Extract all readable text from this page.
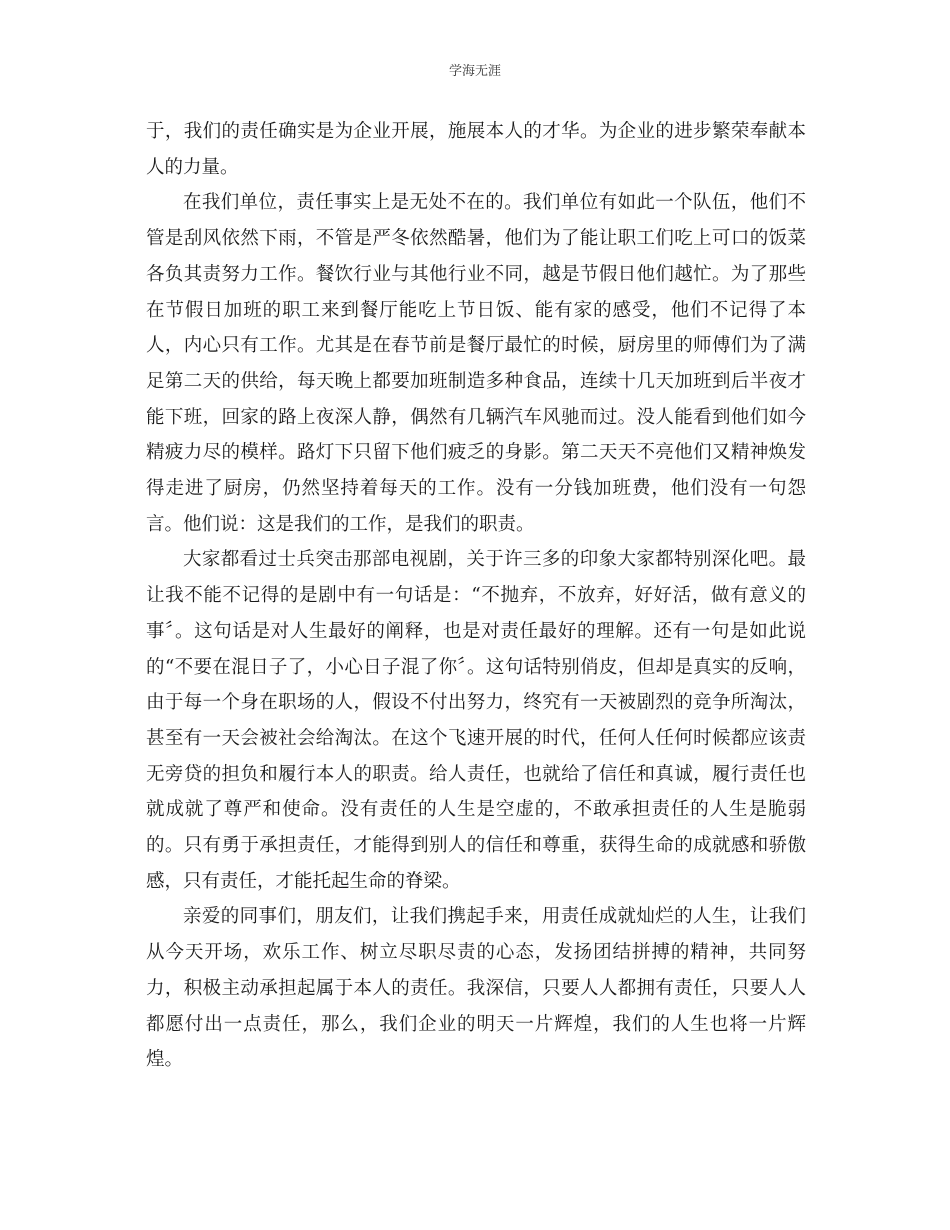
学海无涯

于，我们的责任确实是为企业开展，施展本人的才华。为企业的进步繁荣奉献本人的力量。

在我们单位，责任事实上是无处不在的。我们单位有如此一个队伍，他们不管是刮风依然下雨，不管是严冬依然酷暑，他们为了能让职工们吃上可口的饭菜各负其责努力工作。餐饮行业与其他行业不同，越是节假日他们越忙。为了那些在节假日加班的职工来到餐厅能吃上节日饭、能有家的感受，他们不记得了本人，内心只有工作。尤其是在春节前是餐厅最忙的时候，厨房里的师傅们为了满足第二天的供给，每天晚上都要加班制造多种食品，连续十几天加班到后半夜才能下班，回家的路上夜深人静，偶然有几辆汽车风驰而过。没人能看到他们如今精疲力尽的模样。路灯下只留下他们疲乏的身影。第二天天不亮他们又精神焕发得走进了厨房，仍然坚持着每天的工作。没有一分钱加班费，他们没有一句怨言。他们说：这是我们的工作，是我们的职责。

大家都看过士兵突击那部电视剧，关于许三多的印象大家都特别深化吧。最让我不能不记得的是剧中有一句话是：“不抛弃，不放弃，好好活，做有意义的事〞。这句话是对人生最好的阐释，也是对责任最好的理解。还有一句是如此说的“不要在混日子了，小心日子混了你〞。这句话特别俏皮，但却是真实的反响，由于每一个身在职场的人，假设不付出努力，终究有一天被剧烈的竞争所淘汰，甚至有一天会被社会给淘汰。在这个飞速开展的时代，任何人任何时候都应该责无旁贷的担负和履行本人的职责。给人责任，也就给了信任和真诚，履行责任也就成就了尊严和使命。没有责任的人生是空虚的，不敢承担责任的人生是脆弱的。只有勇于承担责任，才能得到别人的信任和尊重，获得生命的成就感和骄傲感，只有责任，才能托起生命的脊梁。

亲爱的同事们，朋友们，让我们携起手来，用责任成就灿烂的人生，让我们从今天开场，欢乐工作、树立尽职尽责的心态，发扬团结拼搏的精神，共同努力，积极主动承担起属于本人的责任。我深信，只要人人都拥有责任，只要人人都愿付出一点责任，那么，我们企业的明天一片辉煌，我们的人生也将一片辉煌。
